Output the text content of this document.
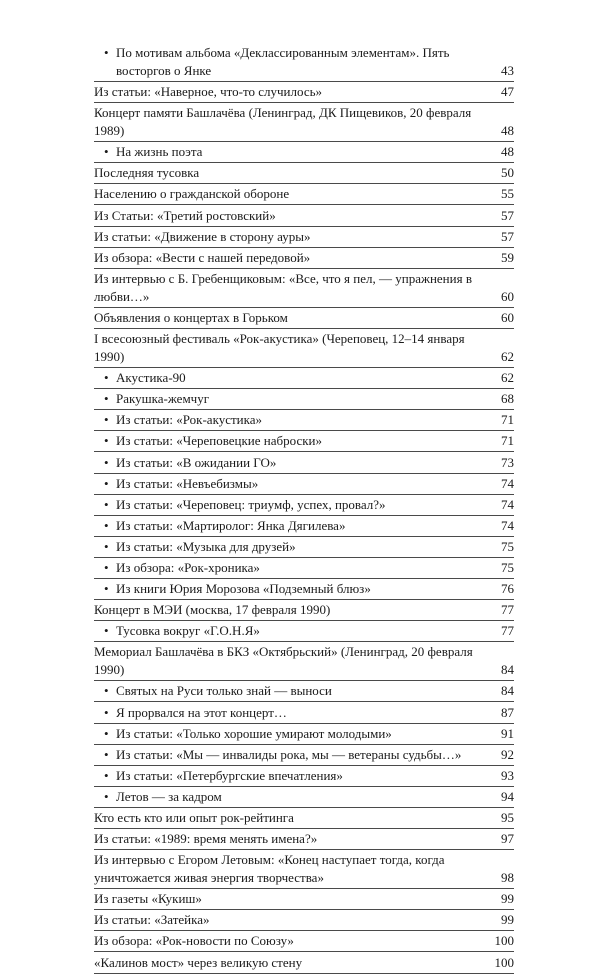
• По мотивам альбома «Деклассированным элементам». Пять восторгов о Янке	43
Из статьи: «Наверное, что-то случилось»	47
Концерт памяти Башлачёва (Ленинград, ДК Пищевиков, 20 февраля 1989)	48
• На жизнь поэта	48
Последняя тусовка	50
Населению о гражданской обороне	55
Из Статьи: «Третий ростовский»	57
Из статьи: «Движение в сторону ауры»	57
Из обзора: «Вести с нашей передовой»	59
Из интервью с Б. Гребенщиковым: «Все, что я пел, — упражнения в любви…»	60
Объявления о концертах в Горьком	60
I всесоюзный фестиваль «Рок-акустика» (Череповец, 12–14 января 1990)	62
• Акустика-90	62
• Ракушка-жемчуг	68
• Из статьи: «Рок-акустика»	71
• Из статьи: «Череповецкие наброски»	71
• Из статьи: «В ожидании ГО»	73
• Из статьи: «Невъебизмы»	74
• Из статьи: «Череповец: триумф, успех, провал?»	74
• Из статьи: «Мартиролог: Янка Дягилева»	74
• Из статьи: «Музыка для друзей»	75
• Из обзора: «Рок-хроника»	75
• Из книги Юрия Морозова «Подземный блюз»	76
Концерт в МЭИ (москва, 17 февраля 1990)	77
• Тусовка вокруг «Г.О.Н.Я»	77
Мемориал Башлачёва в БКЗ «Октябрьский» (Ленинград, 20 февраля 1990)	84
• Святых на Руси только знай — выноси	84
• Я прорвался на этот концерт…	87
• Из статьи: «Только хорошие умирают молодыми»	91
• Из статьи: «Мы — инвалиды рока, мы — ветераны судьбы…»	92
• Из статьи: «Петербургские впечатления»	93
• Летов — за кадром	94
Кто есть кто или опыт рок-рейтинга	95
Из статьи: «1989: время менять имена?»	97
Из интервью с Егором Летовым: «Конец наступает тогда, когда уничтожается живая энергия творчества»	98
Из газеты «Кукиш»	99
Из статьи: «Затейка»	99
Из обзора: «Рок-новости по Союзу»	100
«Калинов мост» через великую стену	100
